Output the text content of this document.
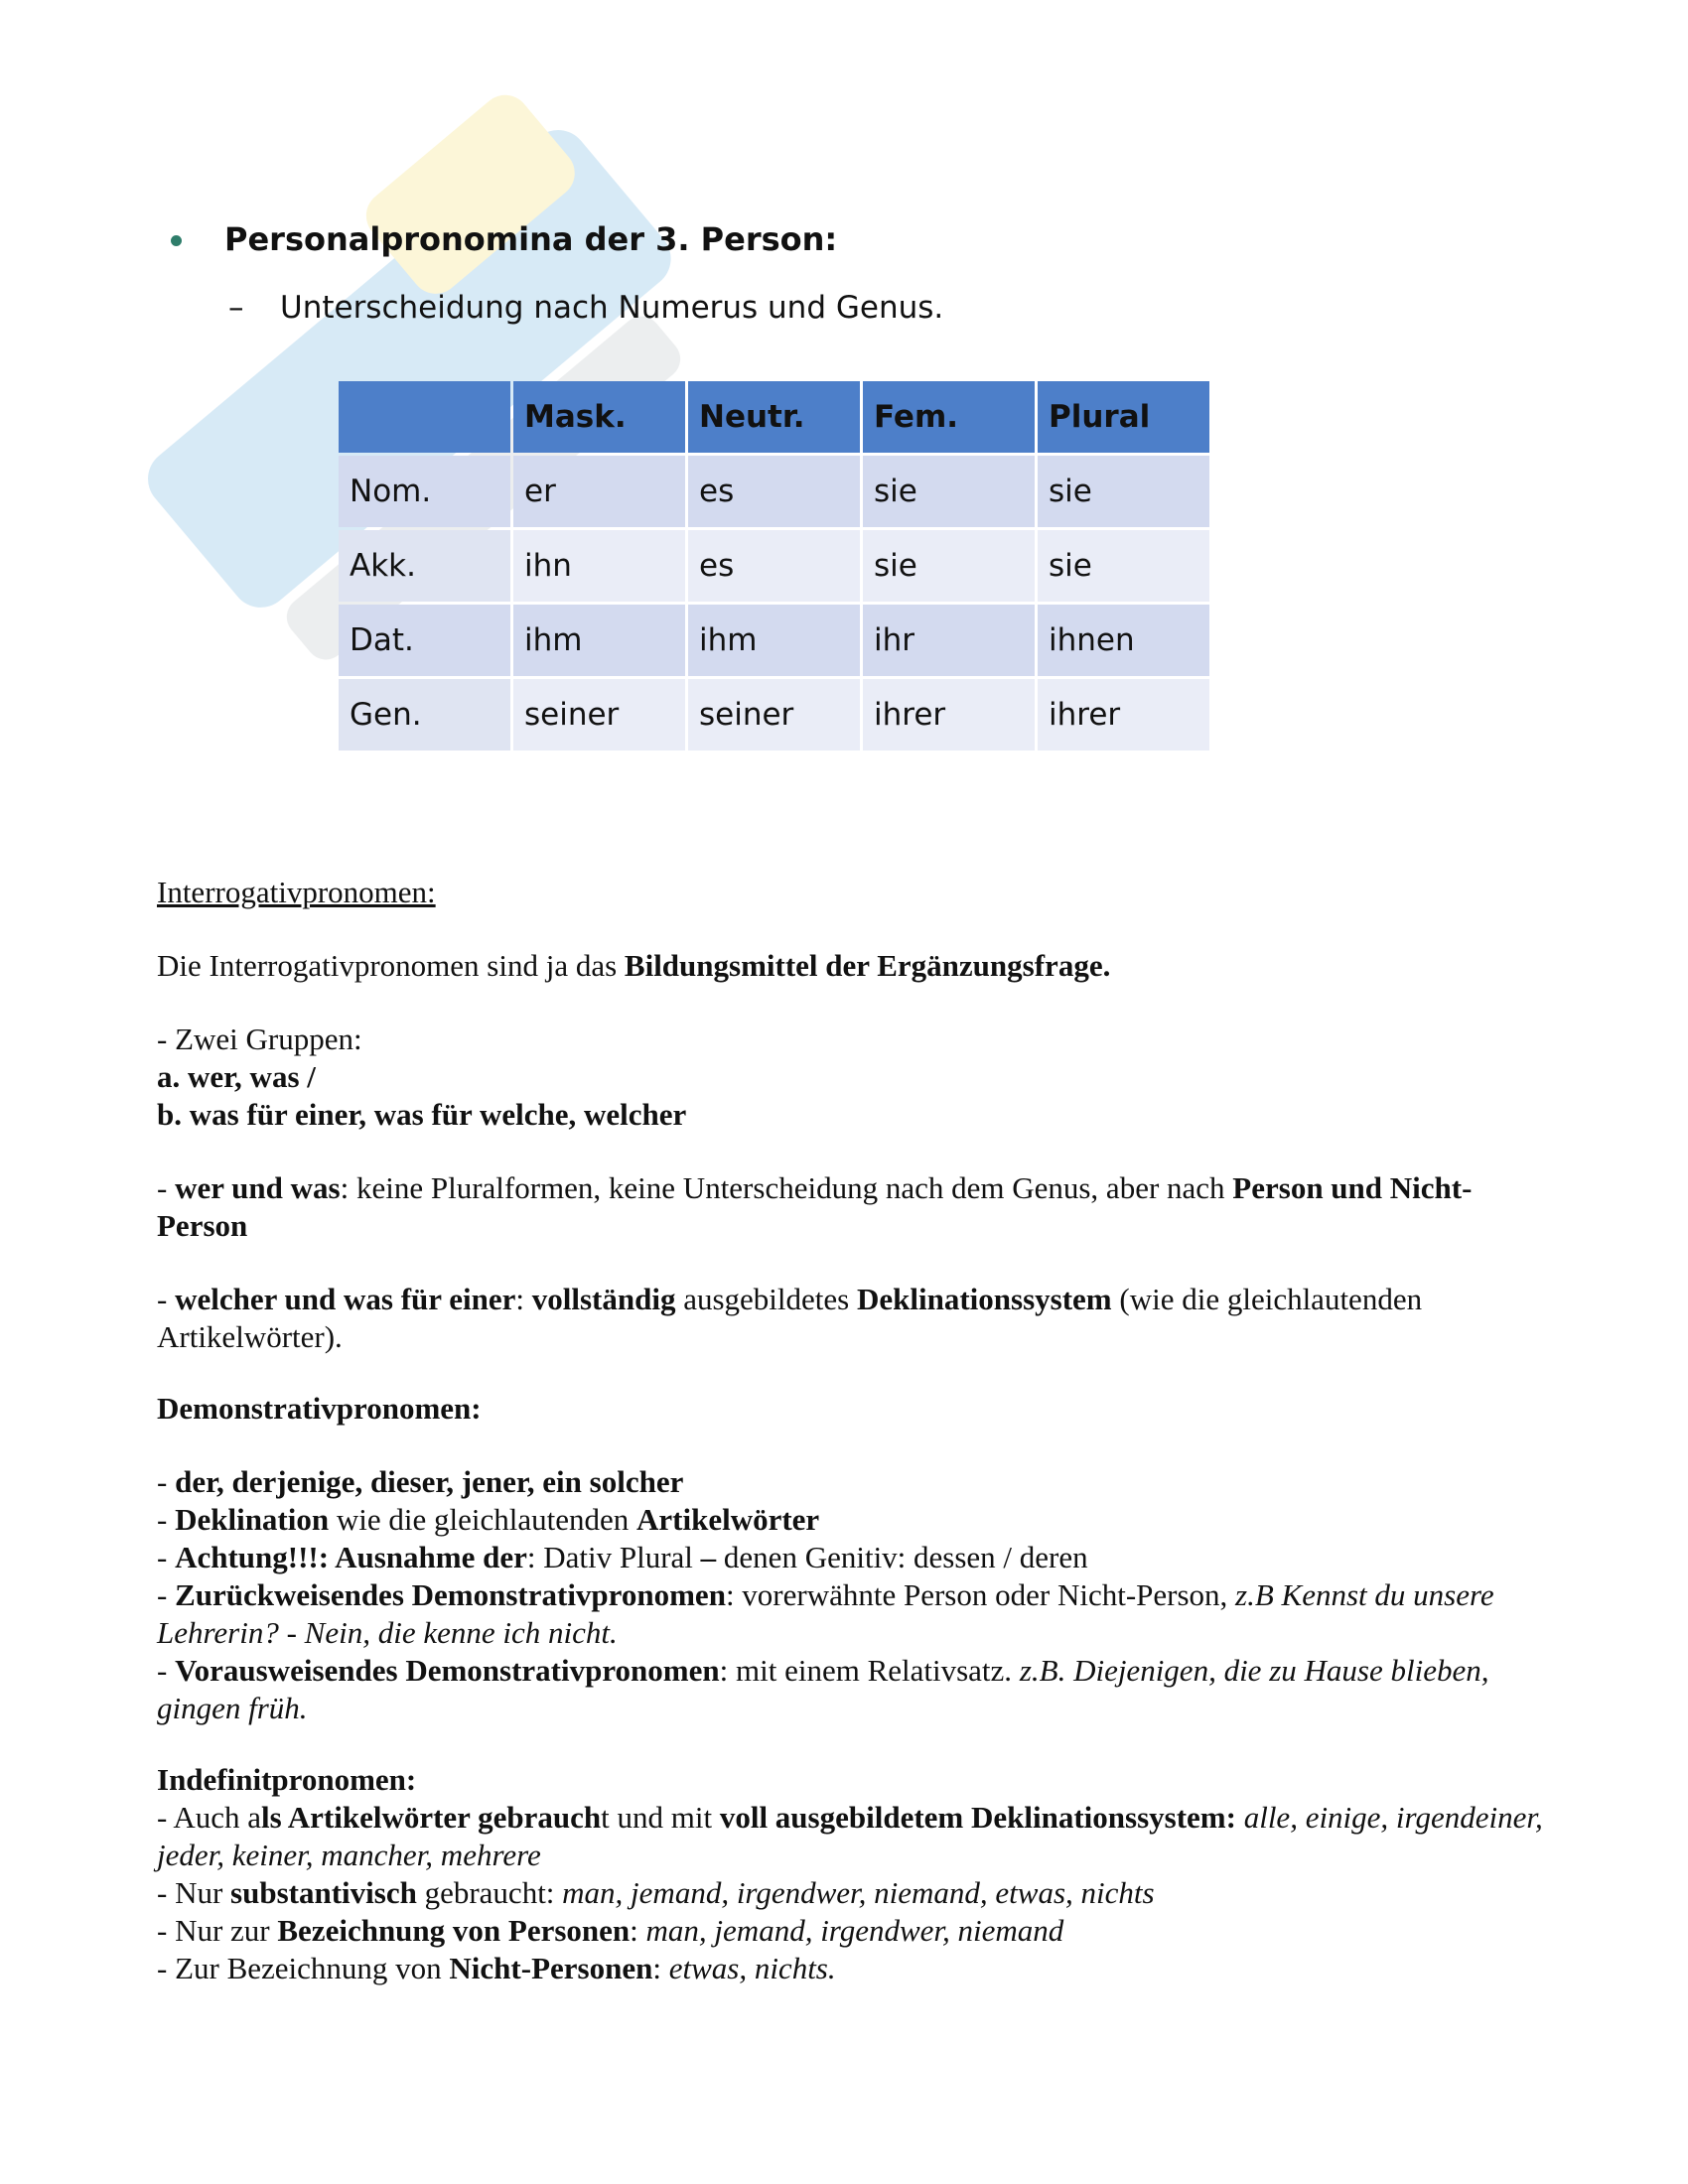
Personalpronomina der 3. Person:
– Unterscheidung nach Numerus und Genus.
	Mask.	Neutr.	Fem.	Plural
Nom.	er	es	sie	sie
Akk.	ihn	es	sie	sie
Dat.	ihm	ihm	ihr	ihnen
Gen.	seiner	seiner	ihrer	ihrer

Interrogativpronomen:

Die Interrogativpronomen sind ja das Bildungsmittel der Ergänzungsfrage.

- Zwei Gruppen:

a. wer, was /

b. was für einer, was für welche, welcher

- wer und was: keine Pluralformen, keine Unterscheidung nach dem Genus, aber nach Person und Nicht-Person

- welcher und was für einer: vollständig ausgebildetes Deklinationssystem (wie die gleichlautenden Artikelwörter).

Demonstrativpronomen:

- der, derjenige, dieser, jener, ein solcher

- Deklination wie die gleichlautenden Artikelwörter

- Achtung!!!: Ausnahme der: Dativ Plural – denen Genitiv: dessen / deren

- Zurückweisendes Demonstrativpronomen: vorerwähnte Person oder Nicht-Person, z.B Kennst du unsere Lehrerin? - Nein, die kenne ich nicht.

- Vorausweisendes Demonstrativpronomen: mit einem Relativsatz. z.B. Diejenigen, die zu Hause blieben, gingen früh.

Indefinitpronomen:

- Auch als Artikelwörter gebraucht und mit voll ausgebildetem Deklinationssystem: alle, einige, irgendeiner, jeder, keiner, mancher, mehrere

- Nur substantivisch gebraucht: man, jemand, irgendwer, niemand, etwas, nichts

- Nur zur Bezeichnung von Personen: man, jemand, irgendwer, niemand

- Zur Bezeichnung von Nicht-Personen: etwas, nichts.
